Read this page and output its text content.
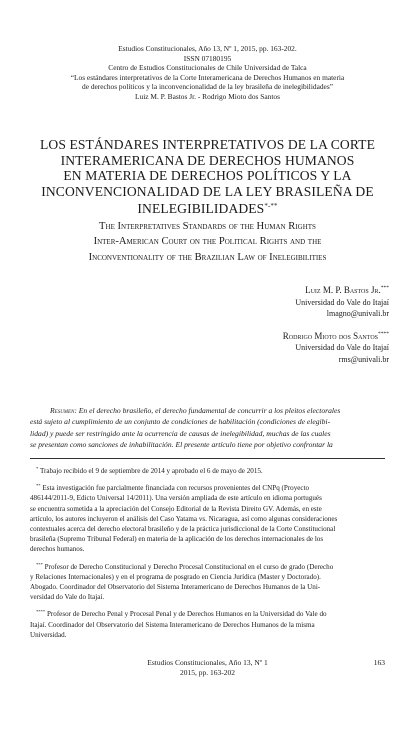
Estudios Constitucionales, Año 13, Nº 1, 2015, pp. 163-202.
ISSN 07180195
Centro de Estudios Constitucionales de Chile Universidad de Talca
“Los estándares interpretativos de la Corte Interamericana de Derechos Humanos en materia
de derechos políticos y la inconvencionalidad de la ley brasileña de inelegibilidades”
Luiz M. P. Bastos Jr. - Rodrigo Mioto dos Santos
LOS ESTÁNDARES INTERPRETATIVOS DE LA CORTE
INTERAMERICANA DE DERECHOS HUMANOS
EN MATERIA DE DERECHOS POLÍTICOS Y LA
INCONVENCIONALIDAD DE LA LEY BRASILEÑA DE
INELEGIBILIDADES*-**
The Interpretatives Standards of the Human Rights
Inter-American Court on the Political Rights and the
Inconventionality of the Brazilian Law of Inelegibilities
Luiz M. P. Bastos Jr.***
Universidad do Vale do Itajaí
lmagno@univali.br
Rodrigo Mioto dos Santos****
Universidad do Vale do Itajaí
rms@univali.br
Resumen: En el derecho brasileño, el derecho fundamental de concurrir a los pleitos electorales
está sujeto al cumplimiento de un conjunto de condiciones de habilitación (condiciones de elegibi-
lidad) y puede ser restringido ante la ocurrencia de causas de inelegibilidad, muchas de las cuales
se presentan como sanciones de inhabilitación. El presente artículo tiene por objetivo confrontar la
* Trabajo recibido el 9 de septiembre de 2014 y aprobado el 6 de mayo de 2015.
** Esta investigación fue parcialmente financiada con recursos provenientes del CNPq (Proyecto
486144/2011-9, Edicto Universal 14/2011). Una versión ampliada de este artículo en idioma portugués
se encuentra sometida a la apreciación del Consejo Editorial de la Revista Direito GV. Además, en este
artículo, los autores incluyeron el análisis del Caso Yatama vs. Nicaragua, así como algunas consideraciones
contextuales acerca del derecho electoral brasileño y de la práctica jurisdiccional de la Corte Constitucional
brasileña (Supremo Tribunal Federal) en materia de la aplicación de los derechos internacionales de los
derechos humanos.
*** Profesor de Derecho Constitucional y Derecho Procesal Constitucional en el curso de grado (Derecho
y Relaciones Internacionales) y en el programa de posgrado en Ciencia Jurídica (Master y Doctorado).
Abogado. Coordinador del Observatorio del Sistema Interamericano de Derechos Humanos de la Uni-
versidad do Vale do Itajaí.
**** Profesor de Derecho Penal y Procesal Penal y de Derechos Humanos en la Universidad do Vale do
Itajaí. Coordinador del Observatorio del Sistema Interamericano de Derechos Humanos de la misma
Universidad.
Estudios Constitucionales, Año 13, Nº 1
2015, pp. 163-202
163
